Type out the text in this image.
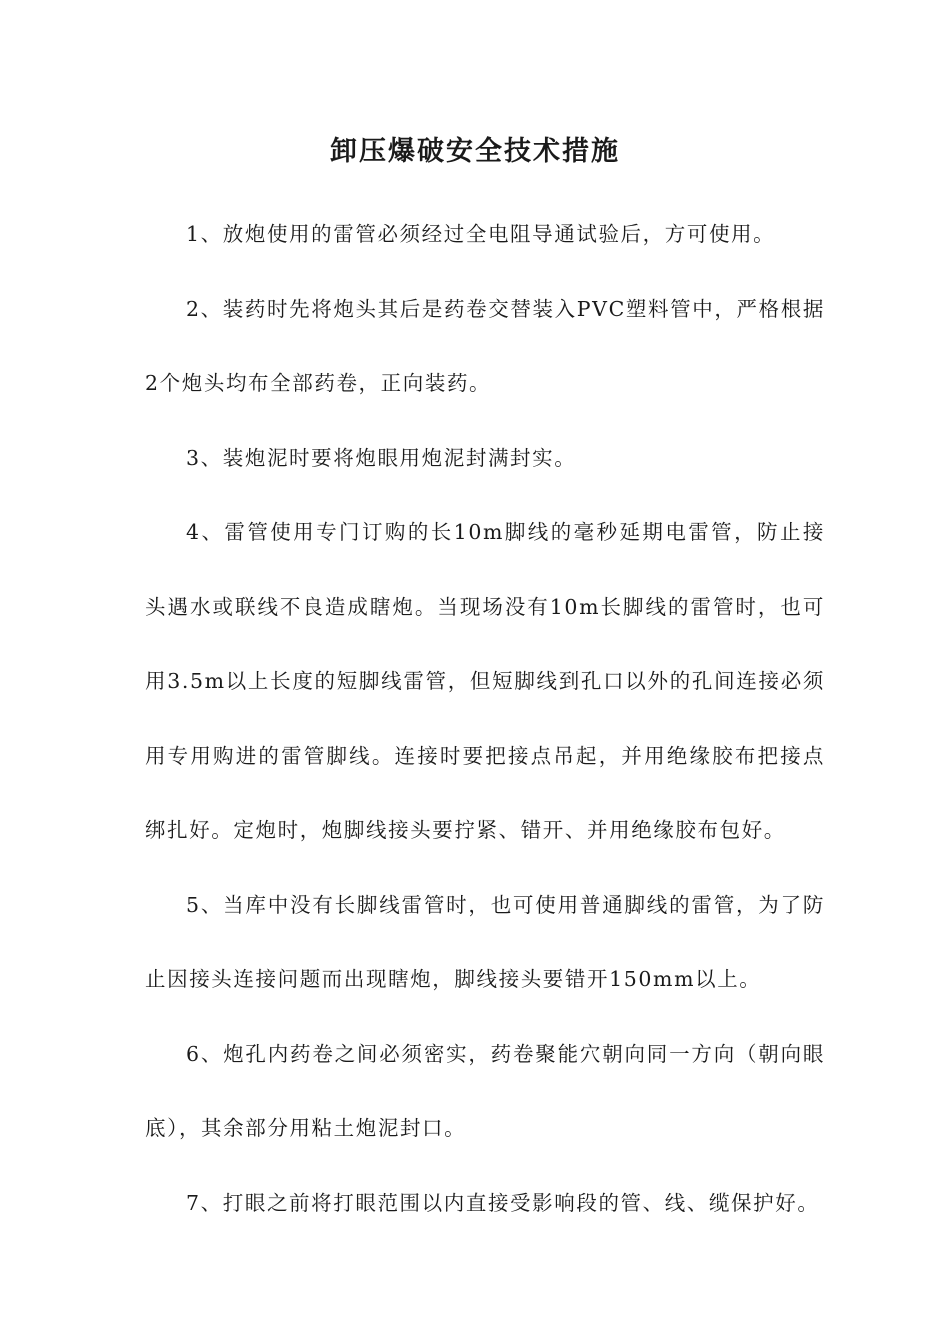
卸压爆破安全技术措施

1、放炮使用的雷管必须经过全电阻导通试验后，方可使用。

2、装药时先将炮头其后是药卷交替装入PVC塑料管中，严格根据2个炮头均布全部药卷，正向装药。

3、装炮泥时要将炮眼用炮泥封满封实。

4、雷管使用专门订购的长10m脚线的毫秒延期电雷管，防止接头遇水或联线不良造成瞎炮。当现场没有10m长脚线的雷管时，也可用3.5m以上长度的短脚线雷管，但短脚线到孔口以外的孔间连接必须用专用购进的雷管脚线。连接时要把接点吊起，并用绝缘胶布把接点绑扎好。定炮时，炮脚线接头要拧紧、错开、并用绝缘胶布包好。

5、当库中没有长脚线雷管时，也可使用普通脚线的雷管，为了防止因接头连接问题而出现瞎炮，脚线接头要错开150mm以上。

6、炮孔内药卷之间必须密实，药卷聚能穴朝向同一方向（朝向眼底），其余部分用粘土炮泥封口。

7、打眼之前将打眼范围以内直接受影响段的管、线、缆保护好。
